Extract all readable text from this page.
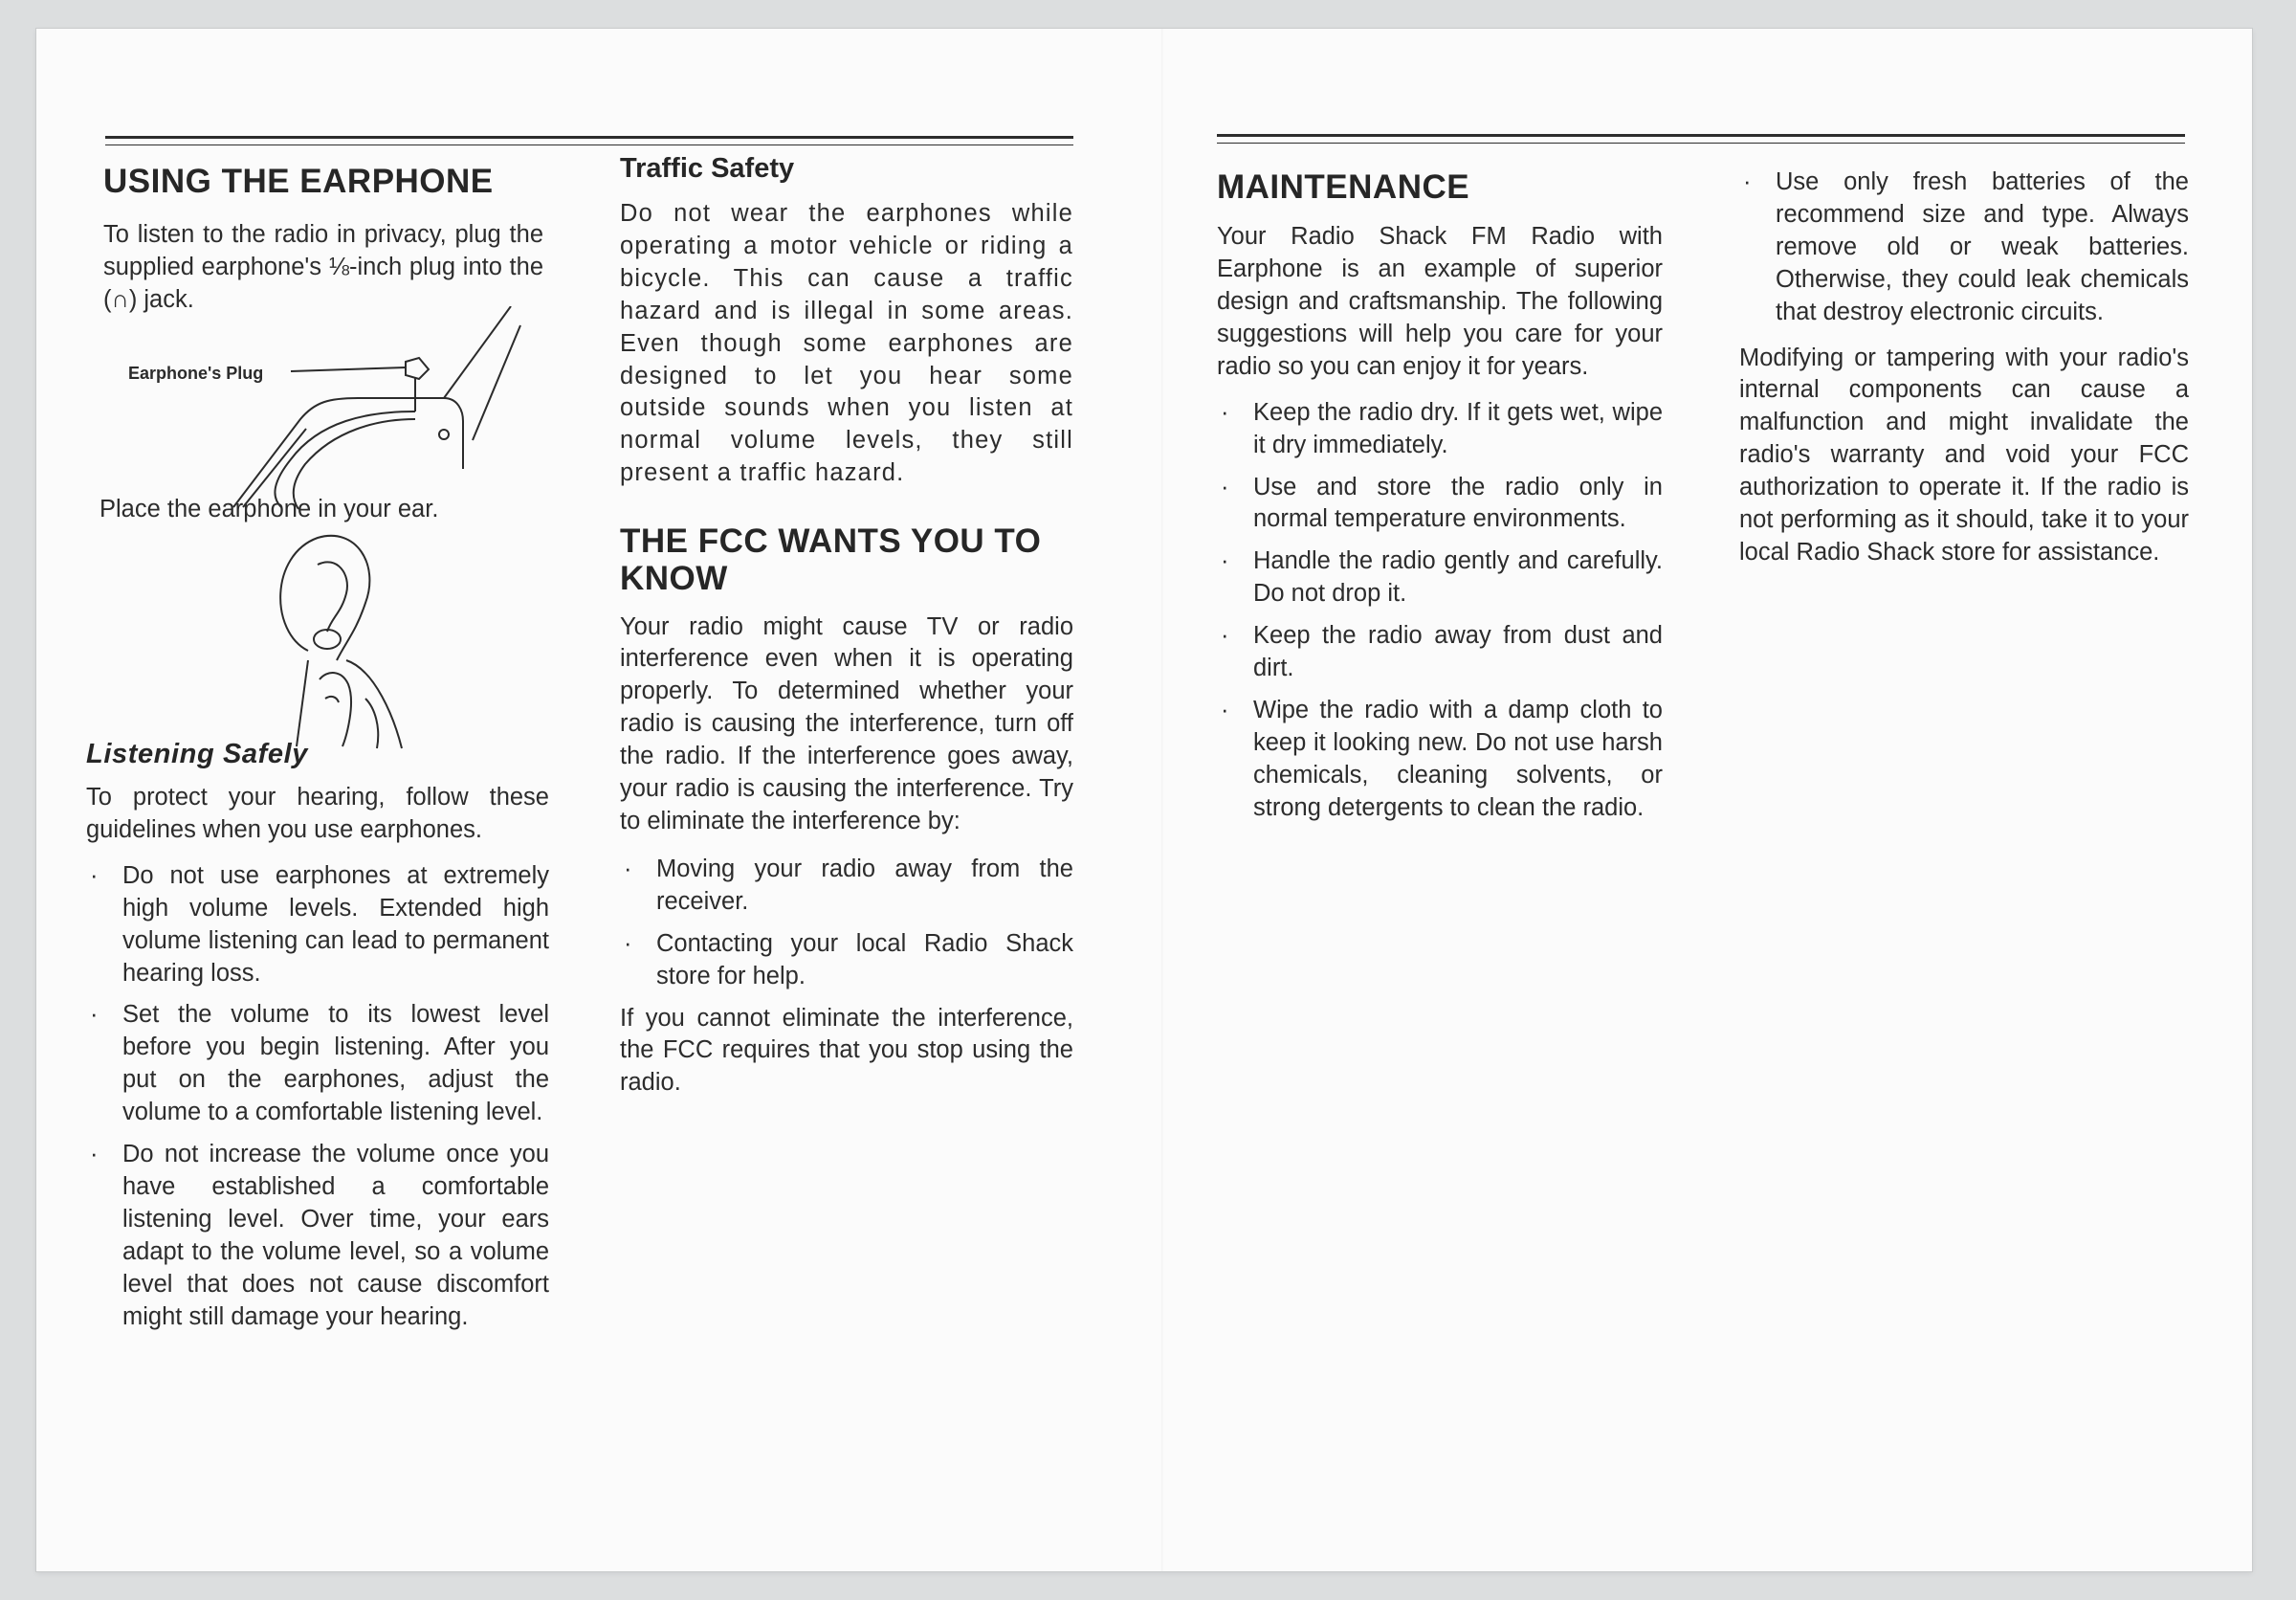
USING THE EARPHONE

To listen to the radio in privacy, plug the supplied earphone's ⅛-inch plug into the (∩) jack.

Earphone's Plug

Place the earphone in your ear.

Listening Safely

To protect your hearing, follow these guidelines when you use earphones.

· Do not use earphones at extremely high volume levels. Extended high volume listening can lead to permanent hearing loss.
· Set the volume to its lowest level before you begin listening. After you put on the earphones, adjust the volume to a comfortable listening level.
· Do not increase the volume once you have established a comfortable listening level. Over time, your ears adapt to the volume level, so a volume level that does not cause discomfort might still damage your hearing.
Traffic Safety

Do not wear the earphones while operating a motor vehicle or riding a bicycle. This can cause a traffic hazard and is illegal in some areas. Even though some earphones are designed to let you hear some outside sounds when you listen at normal volume levels, they still present a traffic hazard.

THE FCC WANTS YOU TO KNOW

Your radio might cause TV or radio interference even when it is operating properly. To determined whether your radio is causing the interference, turn off the radio. If the interference goes away, your radio is causing the interference. Try to eliminate the interference by:

· Moving your radio away from the receiver.
· Contacting your local Radio Shack store for help.

If you cannot eliminate the interference, the FCC requires that you stop using the radio.

MAINTENANCE

Your Radio Shack FM Radio with Earphone is an example of superior design and craftsmanship. The following suggestions will help you care for your radio so you can enjoy it for years.

· Keep the radio dry. If it gets wet, wipe it dry immediately.
· Use and store the radio only in normal temperature environments.
· Handle the radio gently and carefully. Do not drop it.
· Keep the radio away from dust and dirt.
· Wipe the radio with a damp cloth to keep it looking new. Do not use harsh chemicals, cleaning solvents, or strong detergents to clean the radio.
· Use only fresh batteries of the recommend size and type. Always remove old or weak batteries. Otherwise, they could leak chemicals that destroy electronic circuits.

Modifying or tampering with your radio's internal components can cause a malfunction and might invalidate the radio's warranty and void your FCC authorization to operate it. If the radio is not performing as it should, take it to your local Radio Shack store for assistance.
